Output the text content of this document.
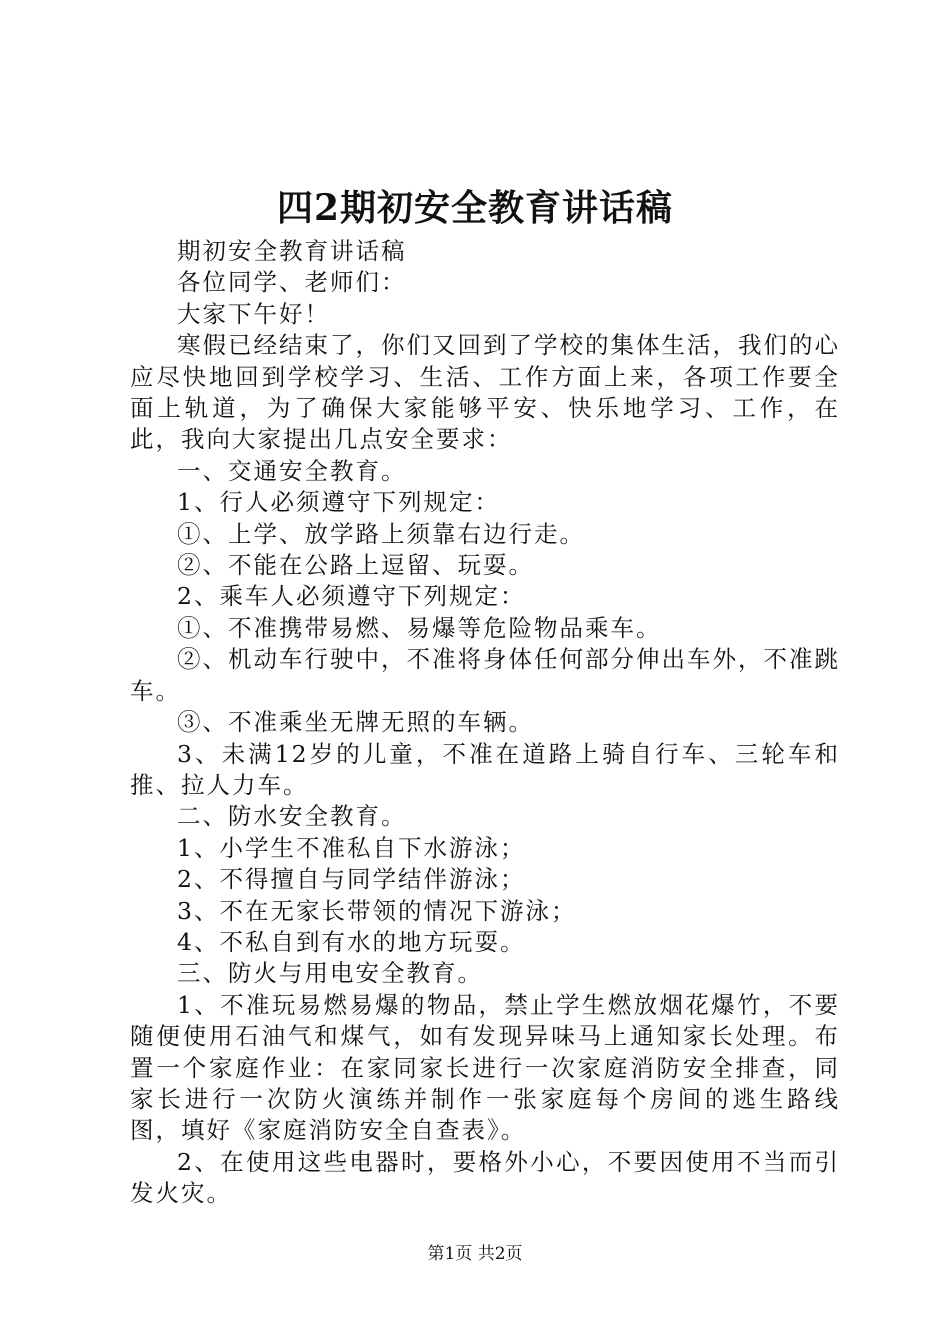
四2期初安全教育讲话稿

期初安全教育讲话稿

各位同学、老师们：

大家下午好！

寒假已经结束了，你们又回到了学校的集体生活，我们的心应尽快地回到学校学习、生活、工作方面上来，各项工作要全面上轨道，为了确保大家能够平安、快乐地学习、工作，在此，我向大家提出几点安全要求：

一、交通安全教育。

1、行人必须遵守下列规定：

①、上学、放学路上须靠右边行走。

②、不能在公路上逗留、玩耍。

2、乘车人必须遵守下列规定：

①、不准携带易燃、易爆等危险物品乘车。

②、机动车行驶中，不准将身体任何部分伸出车外，不准跳车。

③、不准乘坐无牌无照的车辆。

3、未满12岁的儿童，不准在道路上骑自行车、三轮车和推、拉人力车。

二、防水安全教育。

1、小学生不准私自下水游泳；

2、不得擅自与同学结伴游泳；

3、不在无家长带领的情况下游泳；

4、不私自到有水的地方玩耍。

三、防火与用电安全教育。

1、不准玩易燃易爆的物品，禁止学生燃放烟花爆竹，不要随便使用石油气和煤气，如有发现异味马上通知家长处理。布置一个家庭作业：在家同家长进行一次家庭消防安全排查，同家长进行一次防火演练并制作一张家庭每个房间的逃生路线图，填好《家庭消防安全自查表》。

2、在使用这些电器时，要格外小心，不要因使用不当而引发火灾。

第1页 共2页
